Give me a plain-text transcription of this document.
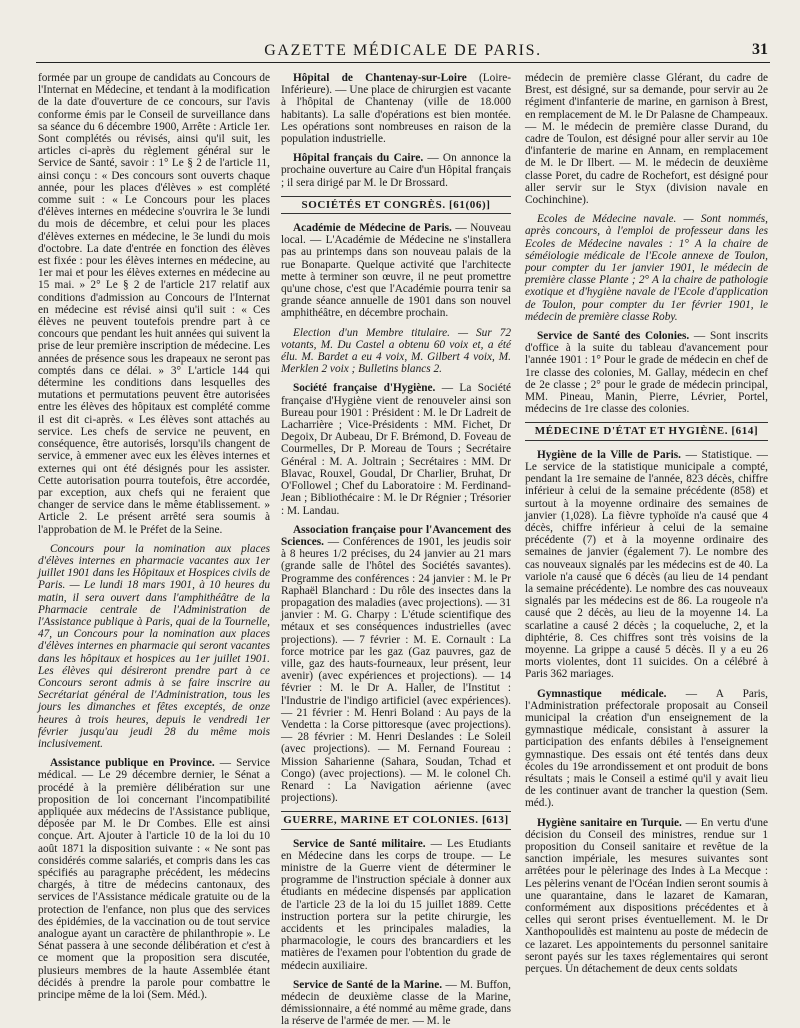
GAZETTE MÉDICALE DE PARIS.	31

formée par un groupe de candidats au Concours de l'Internat en Médecine, et tendant à la modification de la date d'ouverture de ce concours, sur l'avis conforme émis par le Conseil de surveillance dans sa séance du 6 décembre 1900, Arrête : Article 1er. Sont complétés ou révisés, ainsi qu'il suit, les articles ci-après du règlement général sur le Service de Santé, savoir : 1° Le § 2 de l'article 11, ainsi conçu : « Des concours sont ouverts chaque année, pour les places d'élèves » est complété comme suit : « Le Concours pour les places d'élèves internes en médecine s'ouvrira le 3e lundi du mois de décembre, et celui pour les places d'élèves externes en médecine, le 3e lundi du mois d'octobre. La date d'entrée en fonction des élèves est fixée : pour les élèves internes en médecine, au 1er mai et pour les élèves externes en médecine au 15 mai. » 2° Le § 2 de l'article 217 relatif aux conditions d'admission au Concours de l'Internat en médecine est révisé ainsi qu'il suit : « Ces élèves ne peuvent toutefois prendre part à ce concours que pendant les huit années qui suivent la prise de leur première inscription de médecine. Les années de présence sous les drapeaux ne seront pas comptés dans ce délai. » 3° L'article 144 qui détermine les conditions dans lesquelles des mutations et permutations peuvent être autorisées entre les élèves des hôpitaux est complété comme il est dit ci-après. « Les élèves sont attachés au service. Les chefs de service ne peuvent, en conséquence, être autorisés, lorsqu'ils changent de service, à emmener avec eux les élèves internes et externes qui ont été désignés pour les assister. Cette autorisation pourra toutefois, être accordée, par exception, aux chefs qui ne feraient que changer de service dans le même établissement. » Article 2. Le présent arrêté sera soumis à l'approbation de M. le Préfet de la Seine.

Concours pour la nomination aux places d'élèves internes en pharmacie vacantes aux 1er juillet 1901 dans les Hôpitaux et Hospices civils de Paris. — Le lundi 18 mars 1901, à 10 heures du matin, il sera ouvert dans l'amphithéâtre de la Pharmacie centrale de l'Administration de l'Assistance publique à Paris, quai de la Tournelle, 47, un Concours pour la nomination aux places d'élèves internes en pharmacie qui seront vacantes dans les hôpitaux et hospices au 1er juillet 1901. Les élèves qui désireront prendre part à ce Concours seront admis à se faire inscrire au Secrétariat général de l'Administration, tous les jours les dimanches et fêtes exceptés, de onze heures à trois heures, depuis le vendredi 1er février jusqu'au jeudi 28 du même mois inclusivement.

Assistance publique en Province. — Service médical. — Le 29 décembre dernier, le Sénat a procédé à la première délibération sur une proposition de loi concernant l'incompatibilité appliquée aux médecins de l'Assistance publique, déposée par M. le Dr Combes. Elle est ainsi conçue. Art. Ajouter à l'article 10 de la loi du 10 août 1871 la disposition suivante : « Ne sont pas considérés comme salariés, et compris dans les cas spécifiés au paragraphe précédent, les médecins chargés, à titre de médecins cantonaux, des services de l'Assistance médicale gratuite ou de la protection de l'enfance, non plus que des services des épidémies, de la vaccination ou de tout service analogue ayant un caractère de philanthropie ». Le Sénat passera à une seconde délibération et c'est à ce moment que la proposition sera discutée, plusieurs membres de la haute Assemblée étant décidés à prendre la parole pour combattre le principe même de la loi (Sem. Méd.).

Hôpital de Chantenay-sur-Loire (Loire-Inférieure). — Une place de chirurgien est vacante à l'hôpital de Chantenay (ville de 18.000 habitants). La salle d'opérations est bien montée. Les opérations sont nombreuses en raison de la population industrielle.

Hôpital français du Caire. — On annonce la prochaine ouverture au Caire d'un Hôpital français ; il sera dirigé par M. le Dr Brossard.

SOCIÉTÉS ET CONGRÈS. [61(06)]

Académie de Médecine de Paris. — Nouveau local. — L'Académie de Médecine ne s'installera pas au printemps dans son nouveau palais de la rue Bonaparte. Quelque activité que l'architecte mette à terminer son œuvre, il ne peut promettre qu'une chose, c'est que l'Académie pourra tenir sa grande séance annuelle de 1901 dans son nouvel amphithéâtre, en décembre prochain.

Election d'un Membre titulaire. — Sur 72 votants, M. Du Castel a obtenu 60 voix et, a été élu. M. Bardet a eu 4 voix, M. Gilbert 4 voix, M. Merklen 2 voix ; Bulletins blancs 2.

Société française d'Hygiène. — La Société française d'Hygiène vient de renouveler ainsi son Bureau pour 1901 : Président : M. le Dr Ladreit de Lacharrière ; Vice-Présidents : MM. Fichet, Dr Degoix, Dr Aubeau, Dr F. Brémond, D. Foveau de Courmelles, Dr P. Moreau de Tours ; Secrétaire Général : M. A. Joltrain ; Secrétaires : MM. Dr Blavac, Rouxel, Goudal, Dr Charlier, Bruhat, Dr O'Followel ; Chef du Laboratoire : M. Ferdinand-Jean ; Bibliothécaire : M. le Dr Régnier ; Trésorier : M. Landau.

Association française pour l'Avancement des Sciences. — Conférences de 1901, les jeudis soir à 8 heures 1/2 précises, du 24 janvier au 21 mars (grande salle de l'hôtel des Sociétés savantes). Programme des conférences : 24 janvier : M. le Pr Raphaël Blanchard : Du rôle des insectes dans la propagation des maladies (avec projections). — 31 janvier : M. G. Charpy : L'étude scientifique des métaux et ses conséquences industrielles (avec projections). — 7 février : M. E. Cornault : La force motrice par les gaz (Gaz pauvres, gaz de ville, gaz des hauts-fourneaux, leur présent, leur avenir) (avec expériences et projections). — 14 février : M. le Dr A. Haller, de l'Institut : l'Industrie de l'indigo artificiel (avec expériences). — 21 février : M. Henri Boland : Au pays de la Vendetta : la Corse pittoresque (avec projections). — 28 février : M. Henri Deslandes : Le Soleil (avec projections). — M. Fernand Foureau : Mission Saharienne (Sahara, Soudan, Tchad et Congo) (avec projections). — M. le colonel Ch. Renard : La Navigation aérienne (avec projections).

GUERRE, MARINE ET COLONIES. [613]

Service de Santé militaire. — Les Etudiants en Médecine dans les corps de troupe. — Le ministre de la Guerre vient de déterminer le programme de l'instruction spéciale à donner aux étudiants en médecine dispensés par application de l'article 23 de la loi du 15 juillet 1889. Cette instruction portera sur la petite chirurgie, les accidents et les principales maladies, la pharmacologie, le cours des brancardiers et les matières de l'examen pour l'obtention du grade de médecin auxiliaire.

Service de Santé de la Marine. — M. Buffon, médecin de deuxième classe de la Marine, démissionnaire, a été nommé au même grade, dans la réserve de l'armée de mer. — M. le

médecin de première classe Glérant, du cadre de Brest, est désigné, sur sa demande, pour servir au 2e régiment d'infanterie de marine, en garnison à Brest, en remplacement de M. le Dr Palasne de Champeaux. — M. le médecin de première classe Durand, du cadre de Toulon, est désigné pour aller servir au 10e d'infanterie de marine en Annam, en remplacement de M. le Dr Ilbert. — M. le médecin de deuxième classe Poret, du cadre de Rochefort, est désigné pour aller servir sur le Styx (division navale en Cochinchine).

Ecoles de Médecine navale. — Sont nommés, après concours, à l'emploi de professeur dans les Ecoles de Médecine navales : 1° A la chaire de séméiologie médicale de l'Ecole annexe de Toulon, pour compter du 1er janvier 1901, le médecin de première classe Plante ; 2° A la chaire de pathologie exotique et d'hygiène navale de l'Ecole d'application de Toulon, pour compter du 1er février 1901, le médecin de première classe Roby.

Service de Santé des Colonies. — Sont inscrits d'office à la suite du tableau d'avancement pour l'année 1901 : 1° Pour le grade de médecin en chef de 1re classe des colonies, M. Gallay, médecin en chef de 2e classe ; 2° pour le grade de médecin principal, MM. Pineau, Manin, Pierre, Lévrier, Portel, médecins de 1re classe des colonies.

MÉDECINE D'ÉTAT ET HYGIÈNE. [614]

Hygiène de la Ville de Paris. — Statistique. — Le service de la statistique municipale a compté, pendant la 1re semaine de l'année, 823 décès, chiffre inférieur à celui de la semaine précédente (858) et surtout à la moyenne ordinaire des semaines de janvier (1,028). La fièvre typhoïde n'a causé que 4 décès, chiffre inférieur à celui de la semaine précédente (7) et à la moyenne ordinaire des semaines de janvier (également 7). Le nombre des cas nouveaux signalés par les médecins est de 40. La variole n'a causé que 6 décès (au lieu de 14 pendant la semaine précédente). Le nombre des cas nouveaux signalés par les médecins est de 86. La rougeole n'a causé que 2 décès, au lieu de la moyenne 14. La scarlatine a causé 2 décès ; la coqueluche, 2, et la diphtérie, 8. Ces chiffres sont très voisins de la moyenne. La grippe a causé 5 décès. Il y a eu 26 morts violentes, dont 11 suicides. On a célébré à Paris 362 mariages.

Gymnastique médicale. — A Paris, l'Administration préfectorale proposait au Conseil municipal la création d'un enseignement de la gymnastique médicale, consistant à assurer la participation des enfants débiles à l'enseignement gymnastique. Des essais ont été tentés dans deux écoles du 19e arrondissement et ont produit de bons résultats ; mais le Conseil a estimé qu'il y avait lieu de les continuer avant de trancher la question (Sem. méd.).

Hygiène sanitaire en Turquie. — En vertu d'une décision du Conseil des ministres, rendue sur 1 proposition du Conseil sanitaire et revêtue de la sanction impériale, les mesures suivantes sont arrêtées pour le pèlerinage des Indes à La Mecque : Les pèlerins venant de l'Océan Indien seront soumis à une quarantaine, dans le lazaret de Kamaran, conformément aux dispositions précédentes et à celles qui seront prises éventuellement. M. le Dr Xanthopoulidès est maintenu au poste de médecin de ce lazaret. Les appointements du personnel sanitaire seront payés sur les taxes réglementaires qui seront perçues. Un détachement de deux cents soldats
